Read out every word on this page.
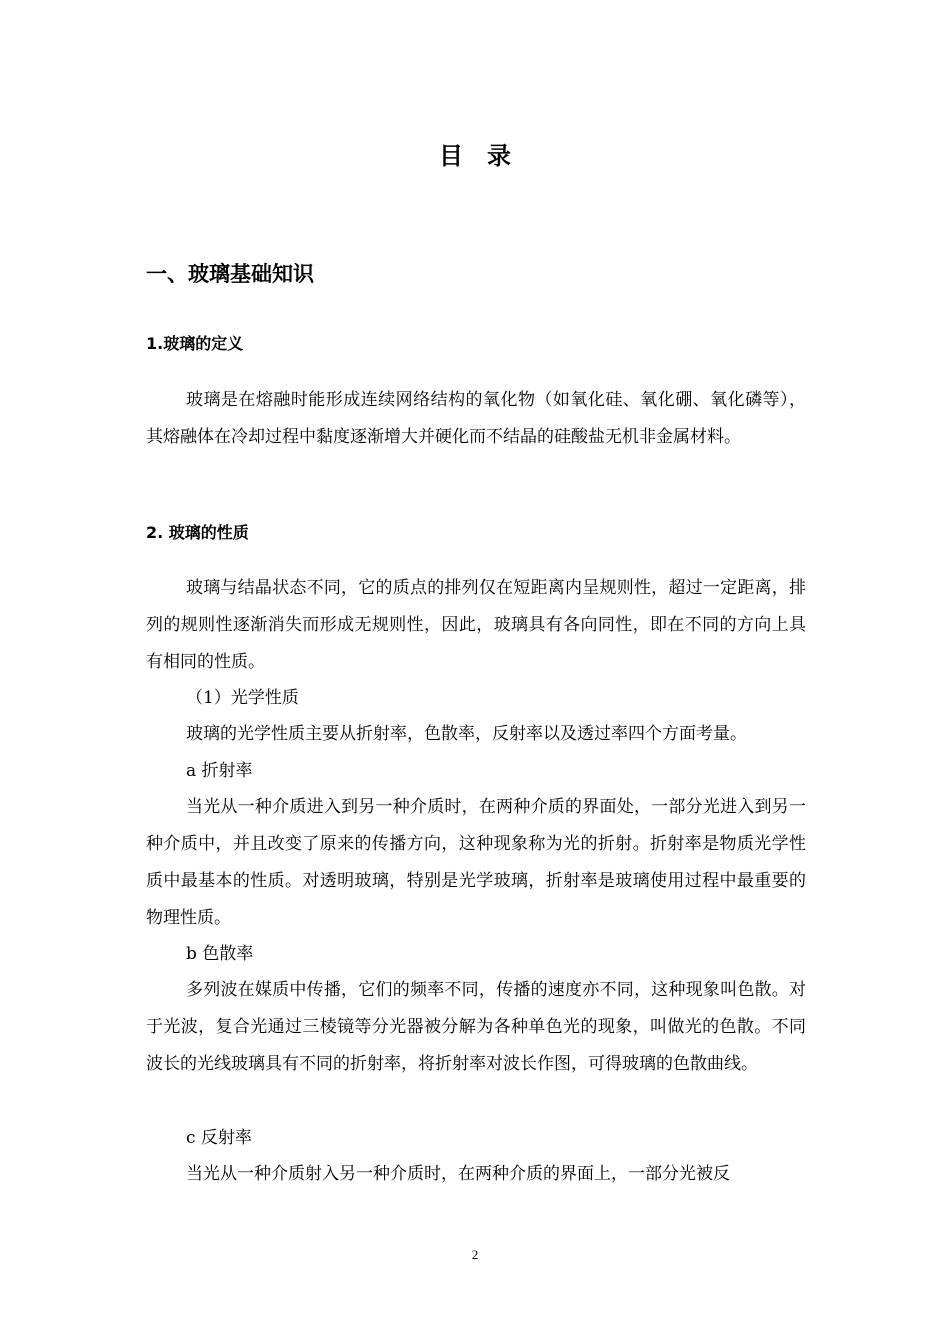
目录
一、玻璃基础知识
1.玻璃的定义
玻璃是在熔融时能形成连续网络结构的氧化物（如氧化硅、氧化硼、氧化磷等），其熔融体在冷却过程中黏度逐渐增大并硬化而不结晶的硅酸盐无机非金属材料。
2. 玻璃的性质
玻璃与结晶状态不同，它的质点的排列仅在短距离内呈规则性，超过一定距离，排列的规则性逐渐消失而形成无规则性，因此，玻璃具有各向同性，即在不同的方向上具有相同的性质。
（1）光学性质
玻璃的光学性质主要从折射率，色散率，反射率以及透过率四个方面考量。
a 折射率
当光从一种介质进入到另一种介质时，在两种介质的界面处，一部分光进入到另一种介质中，并且改变了原来的传播方向，这种现象称为光的折射。折射率是物质光学性质中最基本的性质。对透明玻璃，特别是光学玻璃，折射率是玻璃使用过程中最重要的物理性质。
b 色散率
多列波在媒质中传播，它们的频率不同，传播的速度亦不同，这种现象叫色散。对于光波，复合光通过三棱镜等分光器被分解为各种单色光的现象，叫做光的色散。不同波长的光线玻璃具有不同的折射率，将折射率对波长作图，可得玻璃的色散曲线。
c 反射率
当光从一种介质射入另一种介质时，在两种介质的界面上，一部分光被反
2
